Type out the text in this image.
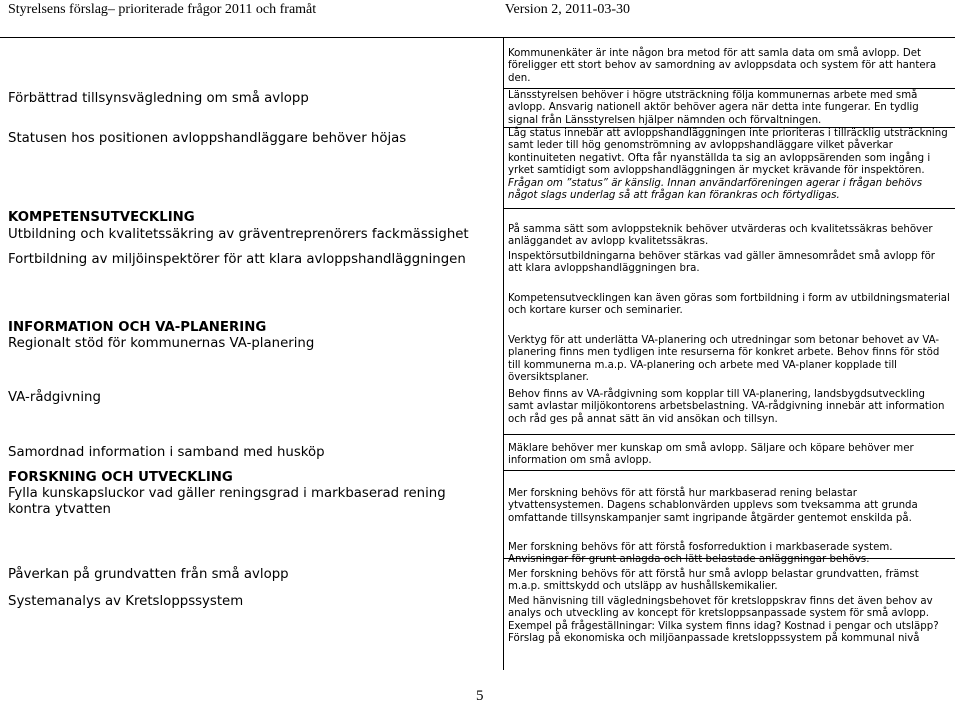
Styrelsens förslag– prioriterade frågor 2011 och framåt	Version 2, 2011-03-30
Förbättrad tillsynsvägledning om små avlopp
Statusen hos positionen avloppshandläggare behöver höjas
KOMPETENSUTVECKLING
Utbildning och kvalitetssäkring av gräventreprenörers fackmässighet
Fortbildning av miljöinspektörer för att klara avloppshandläggningen
INFORMATION OCH VA-PLANERING
Regionalt stöd för kommunernas VA-planering
VA-rådgivning
Samordnad information i samband med husköp
FORSKNING OCH UTVECKLING
Fylla kunskapsluckor vad gäller reningsgrad i markbaserad rening kontra ytvatten
Påverkan på grundvatten från små avlopp
Systemanalys av Kretsloppssystem
Kommunenkäter är inte någon bra metod för att samla data om små avlopp. Det föreligger ett stort behov av samordning av avloppsdata och system för att hantera den.
Länsstyrelsen behöver i högre utsträckning följa kommunernas arbete med små avlopp. Ansvarig nationell aktör behöver agera när detta inte fungerar. En tydlig signal från Länsstyrelsen hjälper nämnden och förvaltningen.
Låg status innebär att avloppshandläggningen inte prioriteras i tillräcklig utsträckning samt leder till hög genomströmning av avloppshandläggare vilket påverkar kontinuiteten negativt. Ofta får nyanställda ta sig an avloppsärenden som ingång i yrket samtidigt som avloppshandläggningen är mycket krävande för inspektören. Frågan om ”status” är känslig. Innan användarföreningen agerar i frågan behövs något slags underlag så att frågan kan förankras och förtydligas.
På samma sätt som avloppsteknik behöver utvärderas och kvalitetssäkras behöver anläggandet av avlopp kvalitetssäkras.
Inspektörsutbildningarna behöver stärkas vad gäller ämnesområdet små avlopp för att klara avloppshandläggningen bra.
Kompetensutvecklingen kan även göras som fortbildning i form av utbildningsmaterial och kortare kurser och seminarier.
Verktyg för att underlätta VA-planering och utredningar som betonar behovet av VA-planering finns men tydligen inte resurserna för konkret arbete. Behov finns för stöd till kommunerna m.a.p. VA-planering och arbete med VA-planer kopplade till översiktsplaner.
Behov finns av VA-rådgivning som kopplar till VA-planering, landsbygdsutveckling samt avlastar miljökontorens arbetsbelastning. VA-rådgivning innebär att information och råd ges på annat sätt än vid ansökan och tillsyn.
Mäklare behöver mer kunskap om små avlopp. Säljare och köpare behöver mer information om små avlopp.
Mer forskning behövs för att förstå hur markbaserad rening belastar ytvattensystemen. Dagens schablonvärden upplevs som tveksamma att grunda omfattande tillsynskampanjer samt ingripande åtgärder gentemot enskilda på.
Mer forskning behövs för att förstå fosforreduktion i markbaserade system. Anvisningar för grunt anlagda och lätt belastade anläggningar behövs.
Mer forskning behövs för att förstå hur små avlopp belastar grundvatten, främst m.a.p. smittskydd och utsläpp av hushållskemikalier.
Med hänvisning till vägledningsbehovet för kretsloppskrav finns det även behov av analys och utveckling av koncept för kretsloppsanpassade system för små avlopp. Exempel på frågeställningar: Vilka system finns idag? Kostnad i pengar och utsläpp? Förslag på ekonomiska och miljöanpassade kretsloppssystem på kommunal nivå
5
